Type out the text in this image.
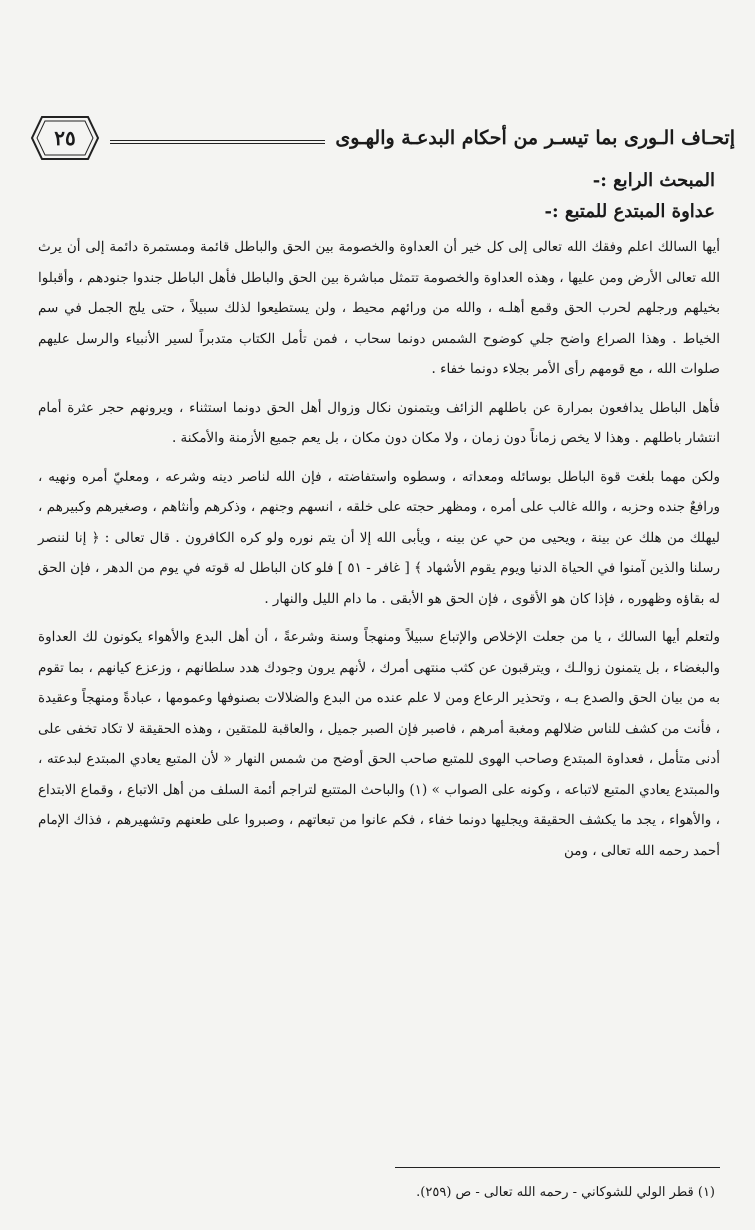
إتحـاف الـورى بما تيسـر من أحكام البدعـة والهـوى
٢٥
المبحث الرابع :-
عداوة المبتدع للمتبع :-

أيها السالك اعلم وفقك الله تعالى إلى كل خير أن العداوة والخصومة بين الحق والباطل قائمة ومستمرة دائمة إلى أن يرث الله تعالى الأرض ومن عليها ، وهذه العداوة والخصومة تتمثل مباشرة بين الحق والباطل فأهل الباطل جندوا جنودهم ، وأقبلوا بخيلهم ورجلهم لحرب الحق وقمع أهلـه ، والله من ورائهم محيط ، ولن يستطيعوا لذلك سبيلاً ، حتى يلج الجمل في سم الخياط . وهذا الصراع واضح جلي كوضوح الشمس دونما سحاب ، فمن تأمل الكتاب متدبراً لسير الأنبياء والرسل عليهم صلوات الله ، مع قومهم رأى الأمر بجلاء دونما خفاء .

فأهل الباطل يدافعون بمرارة عن باطلهم الزائف ويتمنون نكال وزوال أهل الحق دونما استثناء ، ويرونهم حجر عثرة أمام انتشار باطلهم . وهذا لا يخص زماناً دون زمان ، ولا مكان دون مكان ، بل يعم جميع الأزمنة والأمكنة .

ولكن مهما بلغت قوة الباطل بوسائله ومعداته ، وسطوه واستفاضته ، فإن الله لناصر دينه وشرعه ، ومعليّ أمره ونهيه ، ورافعٌ جنده وحزبه ، والله غالب على أمره ، ومظهر حجته على خلقه ، انسهم وجنهم ، وذكرهم وأنثاهم ، وصغيرهم وكبيرهم ، ليهلك من هلك عن بينة ، ويحيى من حي عن بينه ، ويأبى الله إلا أن يتم نوره ولو كره الكافرون . قال تعالى : ﴿ إنا لننصر رسلنا والذين آمنوا في الحياة الدنيا ويوم يقوم الأشهاد ﴾ [ غافر - ٥١ ] فلو كان الباطل له قوته في يوم من الدهر ، فإن الحق له بقاؤه وظهوره ، فإذا كان هو الأقوى ، فإن الحق هو الأبقى . ما دام الليل والنهار .

ولتعلم أيها السالك ، يا من جعلت الإخلاص والإتباع سبيلاً ومنهجاً وسنة وشرعةً ، أن أهل البدع والأهواء يكونون لك العداوة والبغضاء ، بل يتمنون زوالـك ، ويترقبون عن كثب منتهى أمرك ، لأنهم يرون وجودك هدد سلطانهم ، وزعزع كيانهم ، بما تقوم به من بيان الحق والصدع بـه ، وتحذير الرعاع ومن لا علم عنده من البدع والضلالات بصنوفها وعمومها ، عبادةً ومنهجاً وعقيدة ، فأنت من كشف للناس ضلالهم ومغبة أمرهم ، فاصبر فإن الصبر جميل ، والعاقبة للمتقين ، وهذه الحقيقة لا تكاد تخفى على أدنى متأمل ، فعداوة المبتدع وصاحب الهوى للمتبع صاحب الحق أوضح من شمس النهار « لأن المتبع يعادي المبتدع لبدعته ، والمبتدع يعادي المتبع لاتباعه ، وكونه على الصواب » (١) والباحث المتتبع لتراجم أئمة السلف من أهل الاتباع ، وقماع الابتداع ، والأهواء ، يجد ما يكشف الحقيقة ويجليها دونما خفاء ، فكم عانوا من تبعاتهم ، وصبروا على طعنهم وتشهيرهم ، فذاك الإمام أحمد رحمه الله تعالى ، ومن

(١) قطر الولي للشوكاني - رحمه الله تعالى - ص (٢٥٩).
